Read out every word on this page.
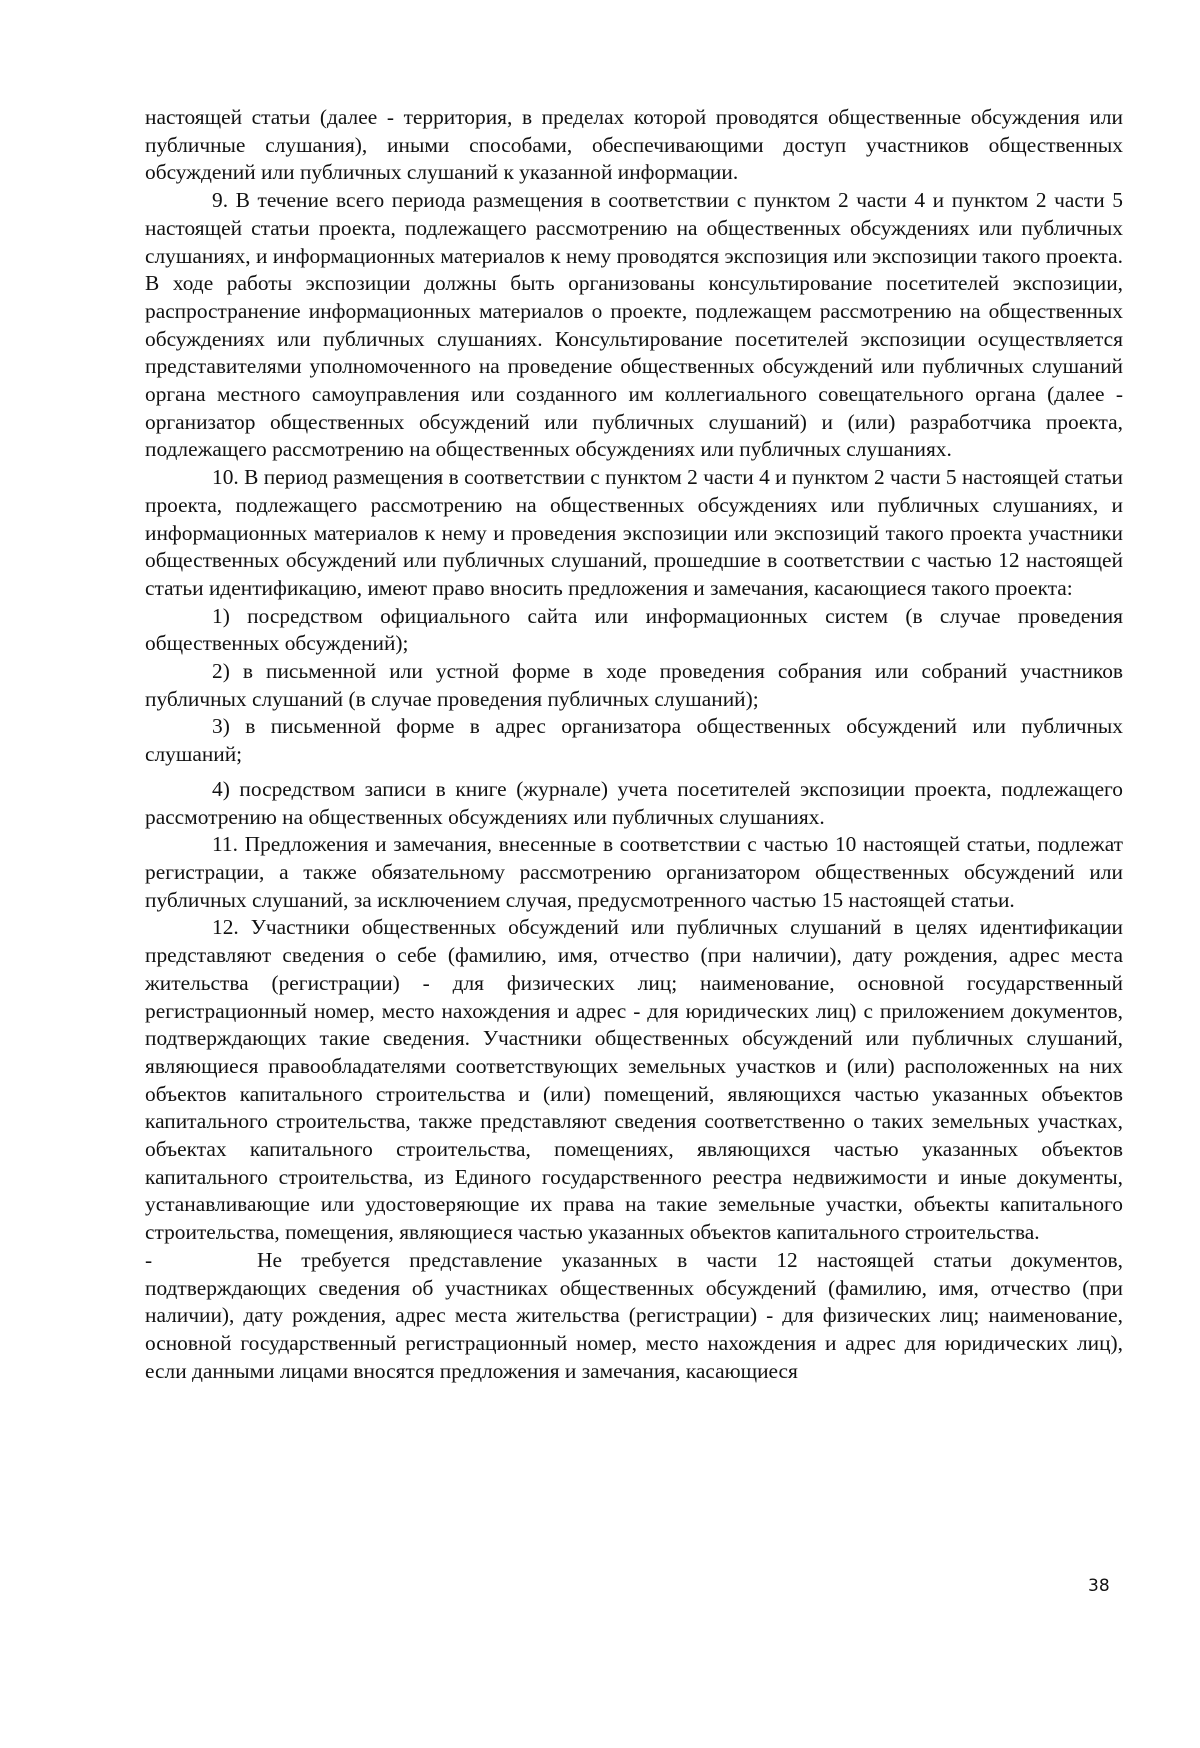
настоящей статьи (далее - территория, в пределах которой проводятся общественные обсуждения или публичные слушания), иными способами, обеспечивающими доступ участников общественных обсуждений или публичных слушаний к указанной информации.

9. В течение всего периода размещения в соответствии с пунктом 2 части 4 и пунктом 2 части 5 настоящей статьи проекта, подлежащего рассмотрению на общественных обсуждениях или публичных слушаниях, и информационных материалов к нему проводятся экспозиция или экспозиции такого проекта. В ходе работы экспозиции должны быть организованы консультирование посетителей экспозиции, распространение информационных материалов о проекте, подлежащем рассмотрению на общественных обсуждениях или публичных слушаниях. Консультирование посетителей экспозиции осуществляется представителями уполномоченного на проведение общественных обсуждений или публичных слушаний органа местного самоуправления или созданного им коллегиального совещательного органа (далее - организатор общественных обсуждений или публичных слушаний) и (или) разработчика проекта, подлежащего рассмотрению на общественных обсуждениях или публичных слушаниях.

10. В период размещения в соответствии с пунктом 2 части 4 и пунктом 2 части 5 настоящей статьи проекта, подлежащего рассмотрению на общественных обсуждениях или публичных слушаниях, и информационных материалов к нему и проведения экспозиции или экспозиций такого проекта участники общественных обсуждений или публичных слушаний, прошедшие в соответствии с частью 12 настоящей статьи идентификацию, имеют право вносить предложения и замечания, касающиеся такого проекта:

1) посредством официального сайта или информационных систем (в случае проведения общественных обсуждений);

2) в письменной или устной форме в ходе проведения собрания или собраний участников публичных слушаний (в случае проведения публичных слушаний);

3) в письменной форме в адрес организатора общественных обсуждений или публичных слушаний;

4) посредством записи в книге (журнале) учета посетителей экспозиции проекта, подлежащего рассмотрению на общественных обсуждениях или публичных слушаниях.

11. Предложения и замечания, внесенные в соответствии с частью 10 настоящей статьи, подлежат регистрации, а также обязательному рассмотрению организатором общественных обсуждений или публичных слушаний, за исключением случая, предусмотренного частью 15 настоящей статьи.

12. Участники общественных обсуждений или публичных слушаний в целях идентификации представляют сведения о себе (фамилию, имя, отчество (при наличии), дату рождения, адрес места жительства (регистрации) - для физических лиц; наименование, основной государственный регистрационный номер, место нахождения и адрес - для юридических лиц) с приложением документов, подтверждающих такие сведения. Участники общественных обсуждений или публичных слушаний, являющиеся правообладателями соответствующих земельных участков и (или) расположенных на них объектов капитального строительства и (или) помещений, являющихся частью указанных объектов капитального строительства, также представляют сведения соответственно о таких земельных участках, объектах капитального строительства, помещениях, являющихся частью указанных объектов капитального строительства, из Единого государственного реестра недвижимости и иные документы, устанавливающие или удостоверяющие их права на такие земельные участки, объекты капитального строительства, помещения, являющиеся частью указанных объектов капитального строительства.

-	Не требуется представление указанных в части 12 настоящей статьи документов, подтверждающих сведения об участниках общественных обсуждений (фамилию, имя, отчество (при наличии), дату рождения, адрес места жительства (регистрации) - для физических лиц; наименование, основной государственный регистрационный номер, место нахождения и адрес для юридических лиц), если данными лицами вносятся предложения и замечания, касающиеся

38
